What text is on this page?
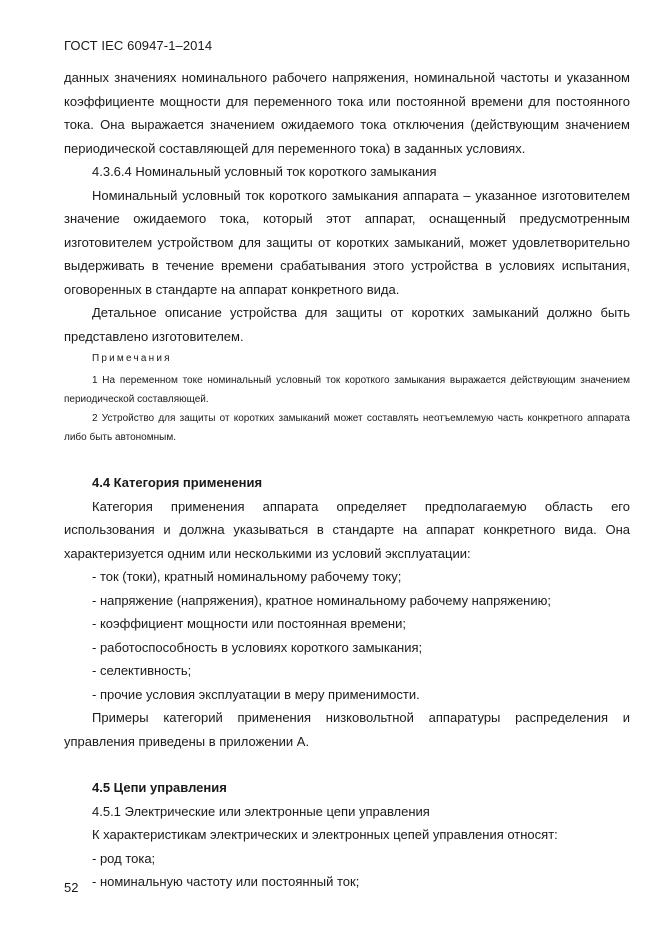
ГОСТ IEC 60947-1–2014

данных значениях номинального рабочего напряжения, номинальной частоты и указанном коэффициенте мощности для переменного тока или постоянной времени для постоянного тока. Она выражается значением ожидаемого тока отключения (действующим значением периодической составляющей для переменного тока) в заданных условиях.

4.3.6.4 Номинальный условный ток короткого замыкания

Номинальный условный ток короткого замыкания аппарата – указанное изготовителем значение ожидаемого тока, который этот аппарат, оснащенный предусмотренным изготовителем устройством для защиты от коротких замыканий, может удовлетворительно выдерживать в течение времени срабатывания этого устройства в условиях испытания, оговоренных в стандарте на аппарат конкретного вида.

Детальное описание устройства для защиты от коротких замыканий должно быть представлено изготовителем.

Примечания

1 На переменном токе номинальный условный ток короткого замыкания выражается действующим значением периодической составляющей.

2 Устройство для защиты от коротких замыканий может составлять неотъемлемую часть конкретного аппарата либо быть автономным.

4.4 Категория применения

Категория применения аппарата определяет предполагаемую область его использования и должна указываться в стандарте на аппарат конкретного вида. Она характеризуется одним или несколькими из условий эксплуатации:

- ток (токи), кратный номинальному рабочему току;

- напряжение (напряжения), кратное номинальному рабочему напряжению;

- коэффициент мощности или постоянная времени;

- работоспособность в условиях короткого замыкания;

- селективность;

- прочие условия эксплуатации в меру применимости.

Примеры категорий применения низковольтной аппаратуры распределения и управления приведены в приложении А.

4.5 Цепи управления

4.5.1 Электрические или электронные цепи управления

К характеристикам электрических и электронных цепей управления относят:

- род тока;

- номинальную частоту или постоянный ток;

52
